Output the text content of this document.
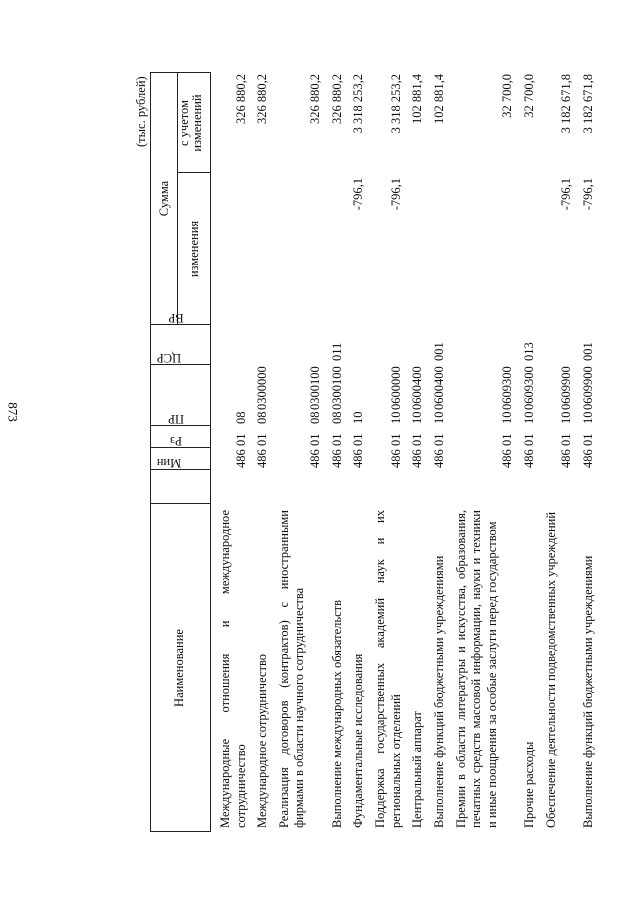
873
(тыс. рублей)
Наименование
Мин
Рз
ПР
ЦСР
ВР
Сумма
изменения
с учетом изменений
Международные отношения и международное сотрудничество
486
01
08
326 880,2
Международное сотрудничество
486
01
08
0300000
326 880,2
Реализация договоров (контрактов) с иностранными фирмами в области научного сотрудничества
486
01
08
0300100
326 880,2
Выполнение международных обязательств
486
01
08
0300100
011
326 880,2
Фундаментальные исследования
486
01
10
-796,1
3 318 253,2
Поддержка государственных академий наук и их региональных отделений
486
01
10
0600000
-796,1
3 318 253,2
Центральный аппарат
486
01
10
0600400
102 881,4
Выполнение функций бюджетными учреждениями
486
01
10
0600400
001
102 881,4
Премии в области литературы и искусства, образования, печатных средств массовой информации, науки и техники и иные поощрения за особые заслуги перед государством
486
01
10
0609300
32 700,0
Прочие расходы
486
01
10
0609300
013
32 700,0
Обеспечение деятельности подведомственных учреждений
486
01
10
0609900
-796,1
3 182 671,8
Выполнение функций бюджетными учреждениями
486
01
10
0609900
001
-796,1
3 182 671,8
